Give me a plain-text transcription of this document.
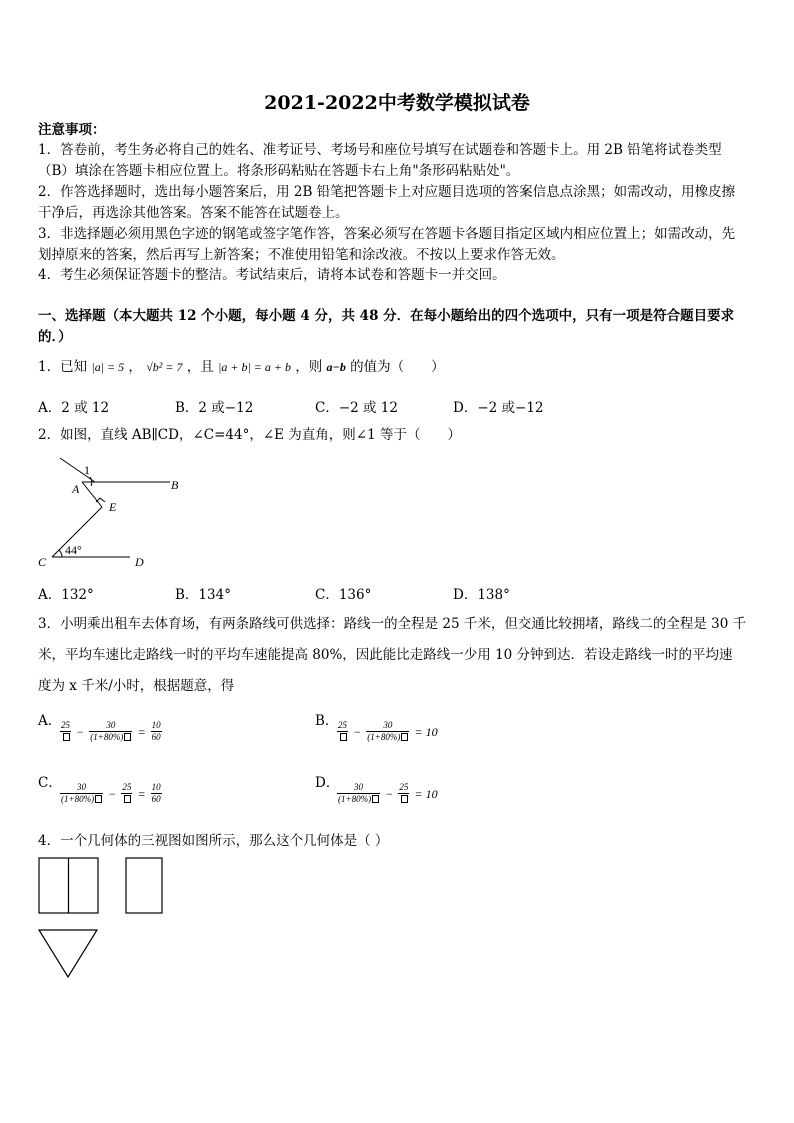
2021-2022中考数学模拟试卷
注意事项：
1．答卷前，考生务必将自己的姓名、准考证号、考场号和座位号填写在试题卷和答题卡上。用 2B 铅笔将试卷类型
（B）填涂在答题卡相应位置上。将条形码粘贴在答题卡右上角"条形码粘贴处"。
2．作答选择题时，选出每小题答案后，用 2B 铅笔把答题卡上对应题目选项的答案信息点涂黑；如需改动，用橡皮擦
干净后，再选涂其他答案。答案不能答在试题卷上。
3．非选择题必须用黑色字迹的钢笔或签字笔作答，答案必须写在答题卡各题目指定区域内相应位置上；如需改动，先
划掉原来的答案，然后再写上新答案；不准使用铅笔和涂改液。不按以上要求作答无效。
4．考生必须保证答题卡的整洁。考试结束后，请将本试卷和答题卡一并交回。
一、选择题（本大题共 12 个小题，每小题 4 分，共 48 分．在每小题给出的四个选项中，只有一项是符合题目要求
的．）
1．已知 |a| = 5 ， √b² = 7 ，且 |a + b| = a + b ，则 a−b 的值为（　　）
A．2 或 12	B．2 或−12	C．−2 或 12	D．−2 或−12
2．如图，直线 AB∥CD，∠C=44°，∠E 为直角，则∠1 等于（　　）
1
A	B
E
C	D
44°
A．132°	B．134°	C．136°	D．138°
3．小明乘出租车去体育场，有两条路线可供选择：路线一的全程是 25 千米，但交通比较拥堵，路线二的全程是 30 千
米，平均车速比走路线一时的平均车速能提高 80%，因此能比走路线一少用 10 分钟到达．若设走路线一时的平均速
度为 x 千米/小时，根据题意，得
A． $25 - \frac{30}{(1+80\%)} = \frac{10}{60}$	B． $25 - \frac{30}{(1+80\%)} = 10$
C．
$\frac{30}{(1+80\%)} - 25 = \frac{10}{60}$	D．
$\frac{30}{(1+80\%)} - 25 = 10$
4．一个几何体的三视图如图所示，那么这个几何体是（ ）
